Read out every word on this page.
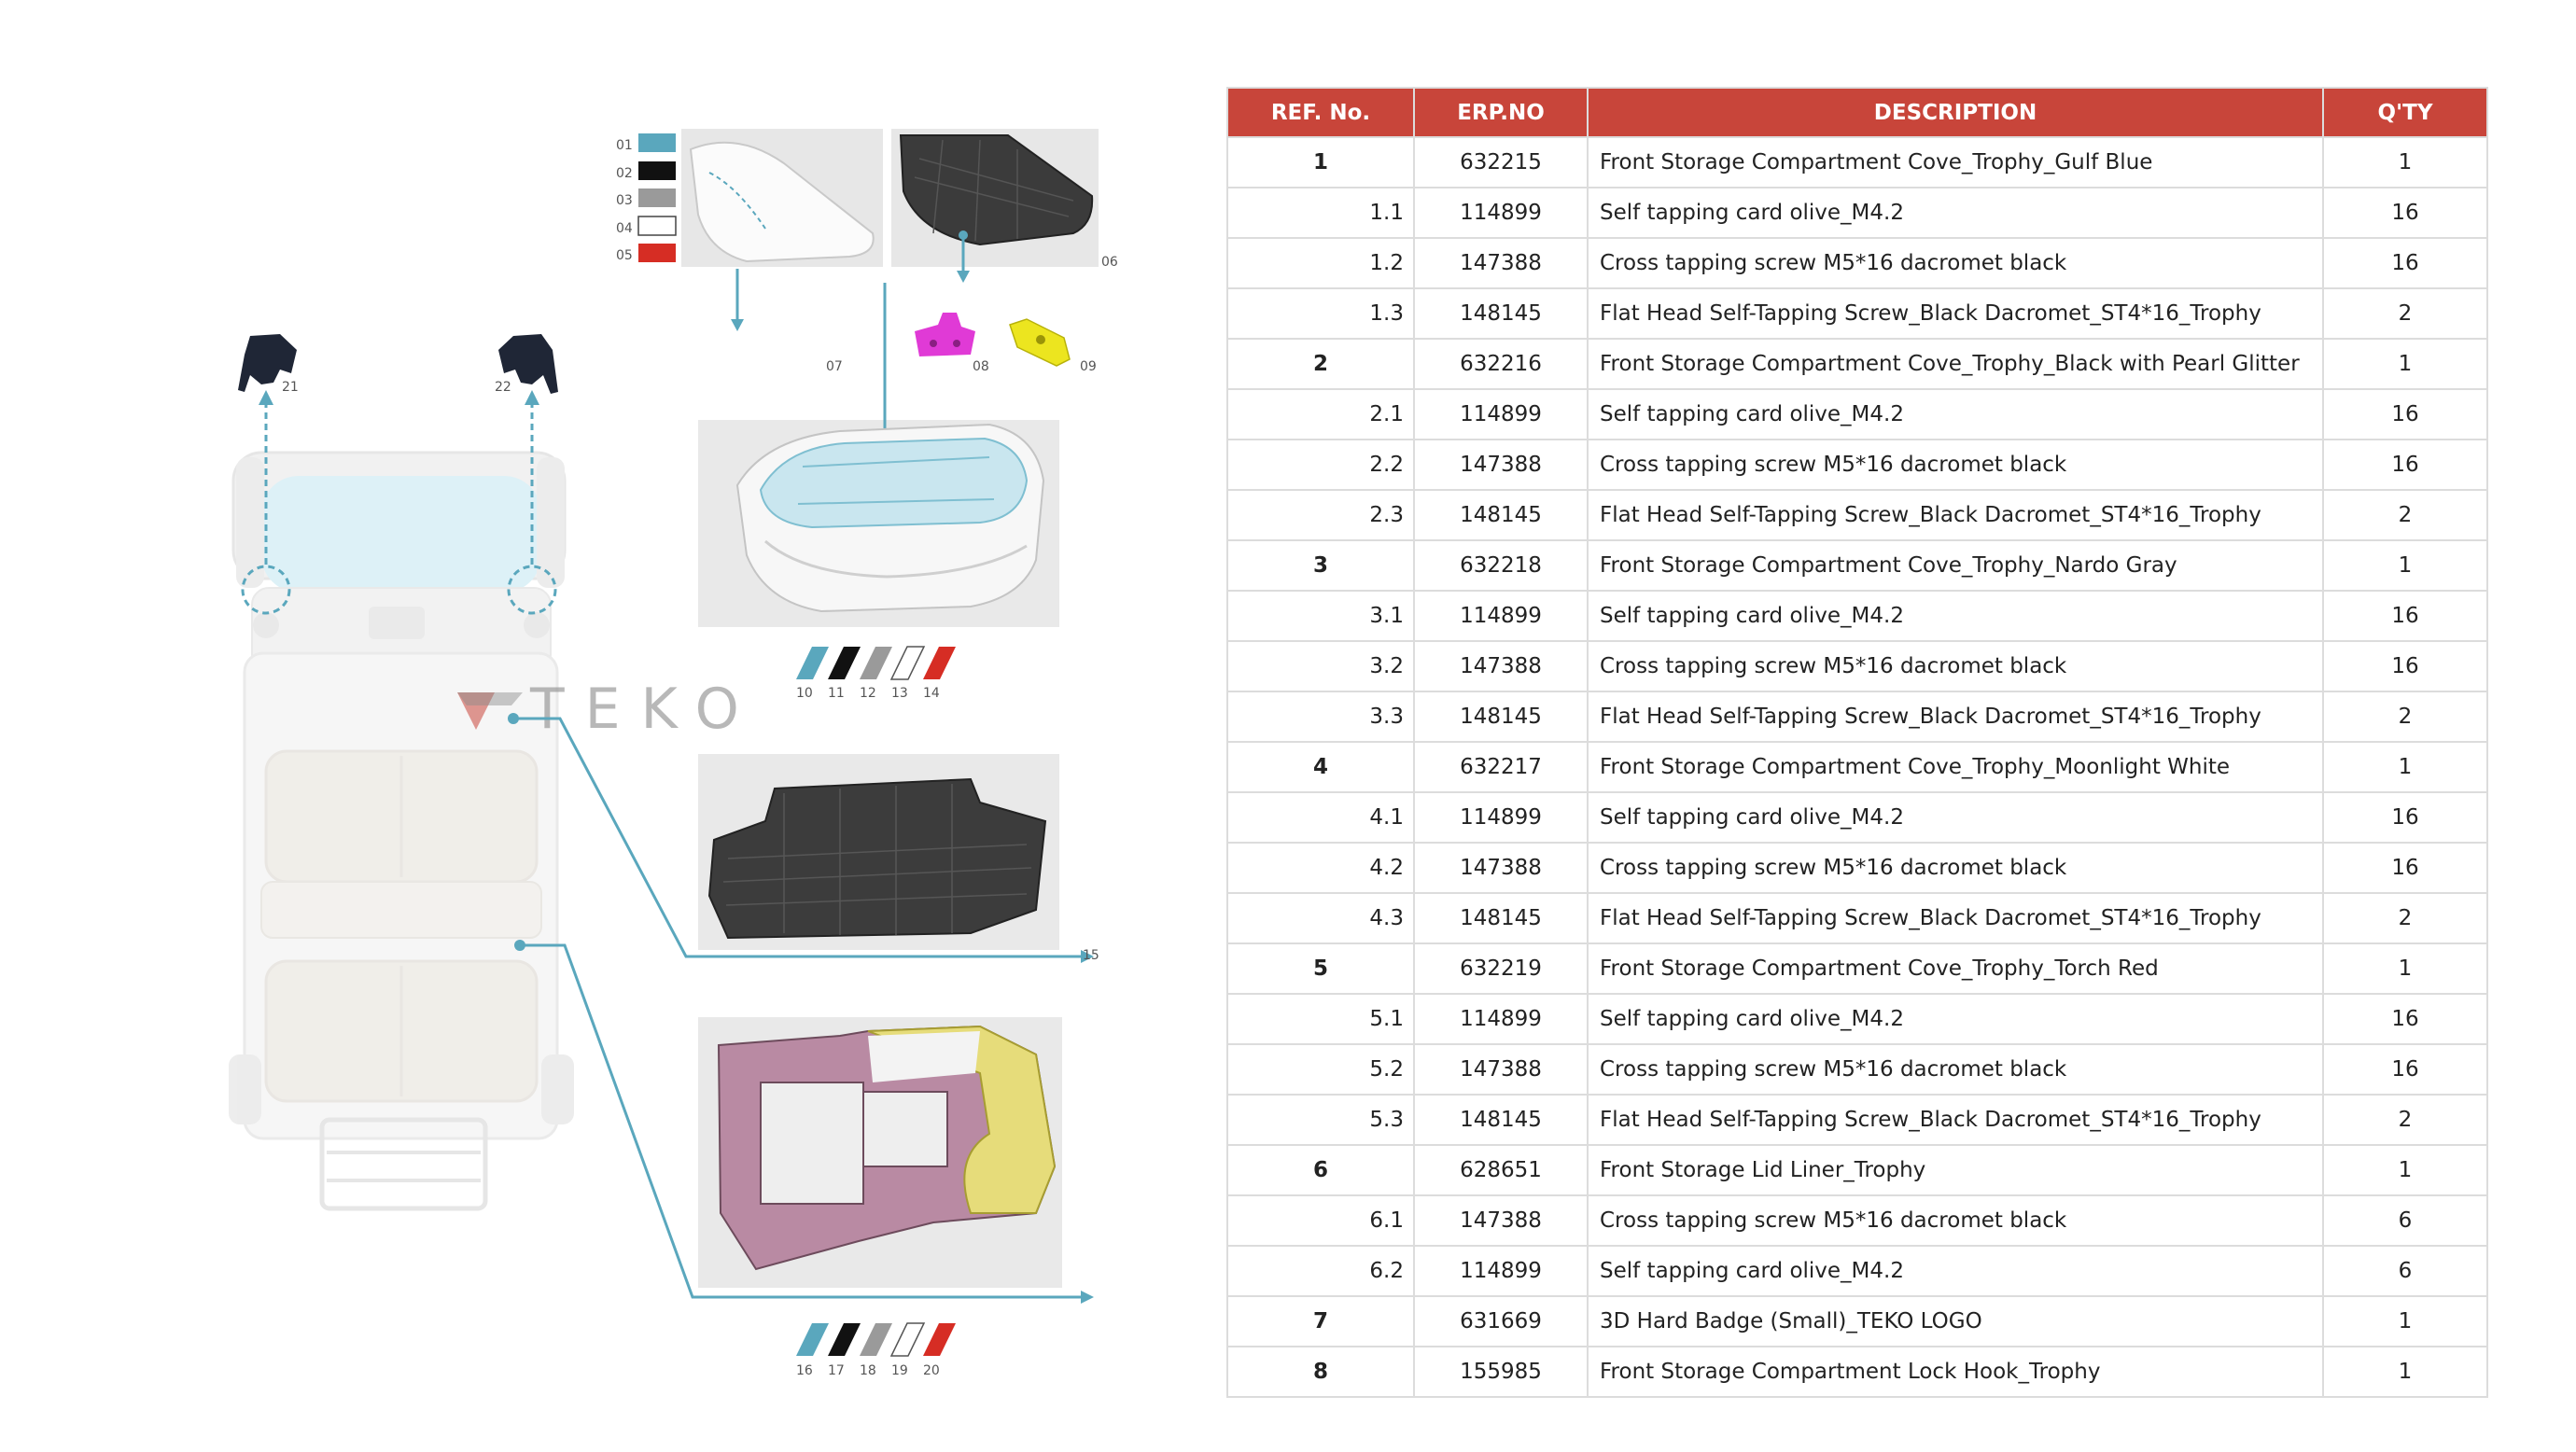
21	22
TEKO
15
01
02
03
04
05	06
07	08	09
10 11 12 13 14
16 17 18 19 20
REF. No.	ERP.NO	DESCRIPTION	Q'TY
1	632215	Front Storage Compartment Cove_Trophy_Gulf Blue	1
1.1	114899	Self tapping card olive_M4.2	16
1.2	147388	Cross tapping screw M5*16 dacromet black	16
1.3	148145	Flat Head Self-Tapping Screw_Black Dacromet_ST4*16_Trophy	2
2	632216	Front Storage Compartment Cove_Trophy_Black with Pearl Glitter	1
2.1	114899	Self tapping card olive_M4.2	16
2.2	147388	Cross tapping screw M5*16 dacromet black	16
2.3	148145	Flat Head Self-Tapping Screw_Black Dacromet_ST4*16_Trophy	2
3	632218	Front Storage Compartment Cove_Trophy_Nardo Gray	1
3.1	114899	Self tapping card olive_M4.2	16
3.2	147388	Cross tapping screw M5*16 dacromet black	16
3.3	148145	Flat Head Self-Tapping Screw_Black Dacromet_ST4*16_Trophy	2
4	632217	Front Storage Compartment Cove_Trophy_Moonlight White	1
4.1	114899	Self tapping card olive_M4.2	16
4.2	147388	Cross tapping screw M5*16 dacromet black	16
4.3	148145	Flat Head Self-Tapping Screw_Black Dacromet_ST4*16_Trophy	2
5	632219	Front Storage Compartment Cove_Trophy_Torch Red	1
5.1	114899	Self tapping card olive_M4.2	16
5.2	147388	Cross tapping screw M5*16 dacromet black	16
5.3	148145	Flat Head Self-Tapping Screw_Black Dacromet_ST4*16_Trophy	2
6	628651	Front Storage Lid Liner_Trophy	1
6.1	147388	Cross tapping screw M5*16 dacromet black	6
6.2	114899	Self tapping card olive_M4.2	6
7	631669	3D Hard Badge (Small)_TEKO LOGO	1
8	155985	Front Storage Compartment Lock Hook_Trophy	1
